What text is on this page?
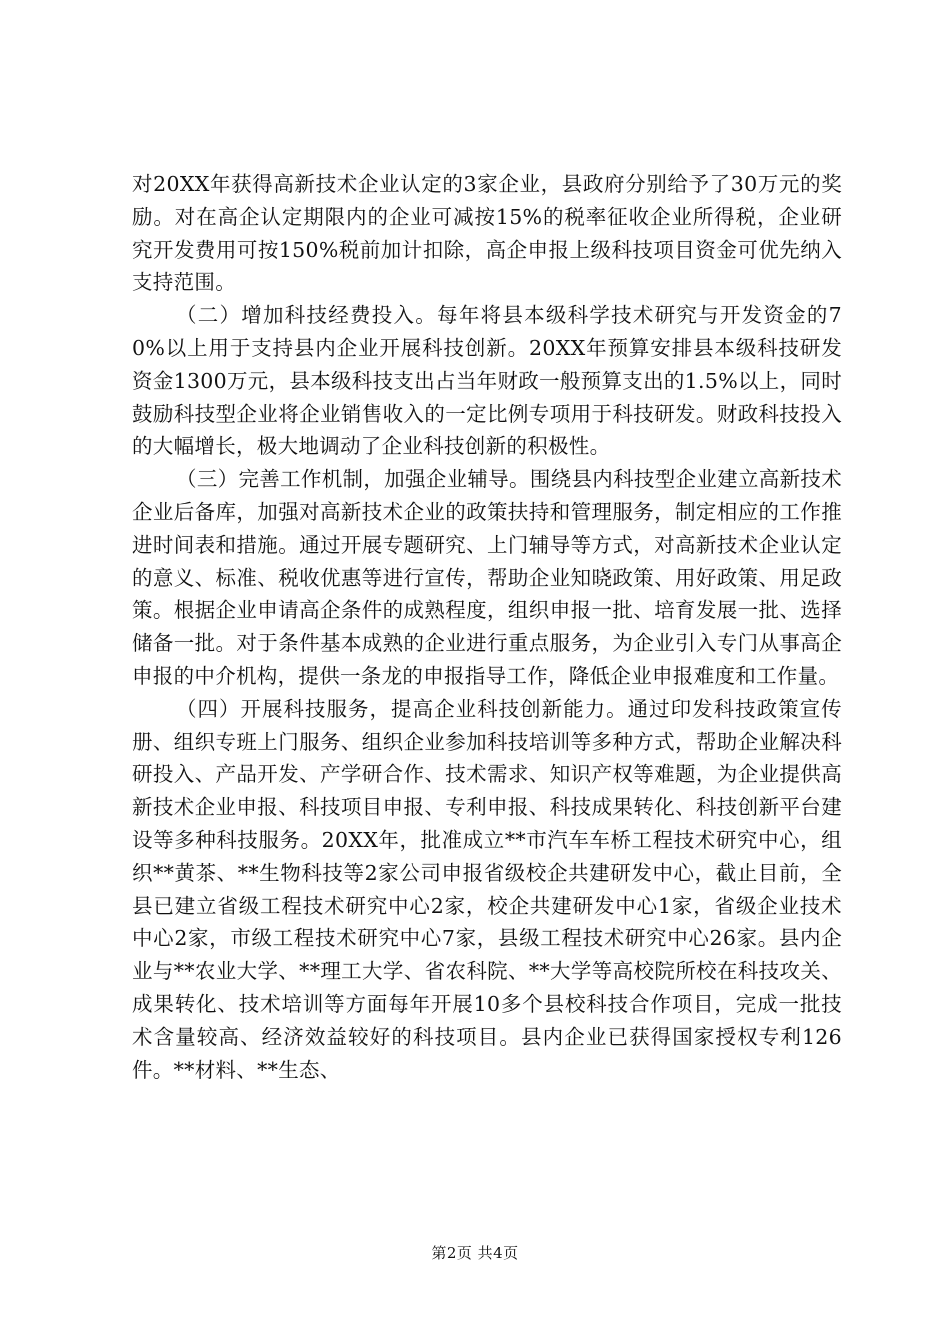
对20XX年获得高新技术企业认定的3家企业，县政府分别给予了30万元的奖励。对在高企认定期限内的企业可减按15%的税率征收企业所得税，企业研究开发费用可按150%税前加计扣除，高企申报上级科技项目资金可优先纳入支持范围。

（二）增加科技经费投入。每年将县本级科学技术研究与开发资金的70%以上用于支持县内企业开展科技创新。20XX年预算安排县本级科技研发资金1300万元，县本级科技支出占当年财政一般预算支出的1.5%以上，同时鼓励科技型企业将企业销售收入的一定比例专项用于科技研发。财政科技投入的大幅增长，极大地调动了企业科技创新的积极性。

（三）完善工作机制，加强企业辅导。围绕县内科技型企业建立高新技术企业后备库，加强对高新技术企业的政策扶持和管理服务，制定相应的工作推进时间表和措施。通过开展专题研究、上门辅导等方式，对高新技术企业认定的意义、标准、税收优惠等进行宣传，帮助企业知晓政策、用好政策、用足政策。根据企业申请高企条件的成熟程度，组织申报一批、培育发展一批、选择储备一批。对于条件基本成熟的企业进行重点服务，为企业引入专门从事高企申报的中介机构，提供一条龙的申报指导工作，降低企业申报难度和工作量。

（四）开展科技服务，提高企业科技创新能力。通过印发科技政策宣传册、组织专班上门服务、组织企业参加科技培训等多种方式，帮助企业解决科研投入、产品开发、产学研合作、技术需求、知识产权等难题，为企业提供高新技术企业申报、科技项目申报、专利申报、科技成果转化、科技创新平台建设等多种科技服务。20XX年，批准成立**市汽车车桥工程技术研究中心，组织**黄茶、**生物科技等2家公司申报省级校企共建研发中心，截止目前，全县已建立省级工程技术研究中心2家，校企共建研发中心1家，省级企业技术中心2家，市级工程技术研究中心7家，县级工程技术研究中心26家。县内企业与**农业大学、**理工大学、省农科院、**大学等高校院所校在科技攻关、成果转化、技术培训等方面每年开展10多个县校科技合作项目，完成一批技术含量较高、经济效益较好的科技项目。县内企业已获得国家授权专利126件。**材料、**生态、

第2页 共4页
